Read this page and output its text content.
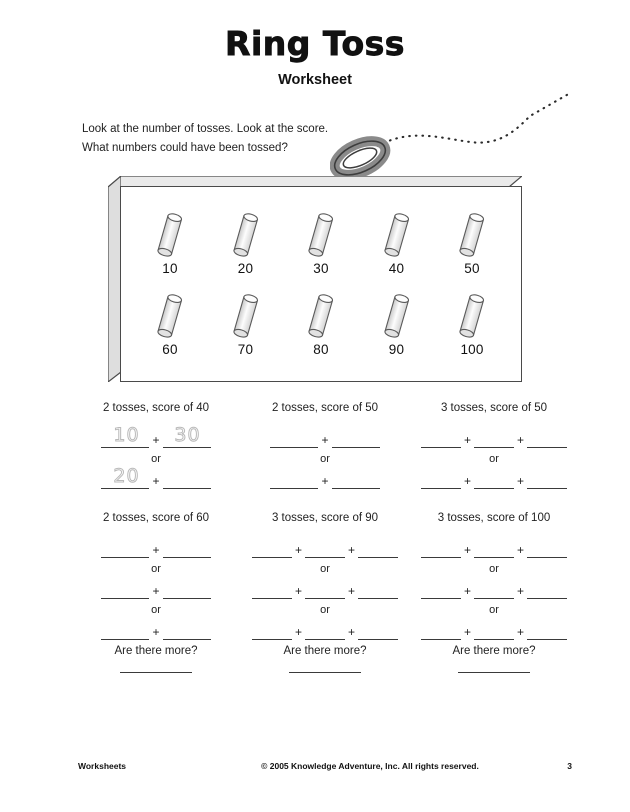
Ring Toss
Worksheet
Look at the number of tosses. Look at the score.
What numbers could have been tossed?
10	20	30	40	50
60	70	80	90	100
2 tosses, score of 40
10	+ 30
or
20	+
2 tosses, score of 50
+
or
+
3 tosses, score of 50
+	+
or
+	+
2 tosses, score of 60
+
or
+
or
+
Are there more?
3 tosses, score of 90
+	+
or
+	+
or
+	+
Are there more?
3 tosses, score of 100
+	+
or
+	+
or
+	+
Are there more?
Worksheets	© 2005 Knowledge Adventure, Inc. All rights reserved.	3
